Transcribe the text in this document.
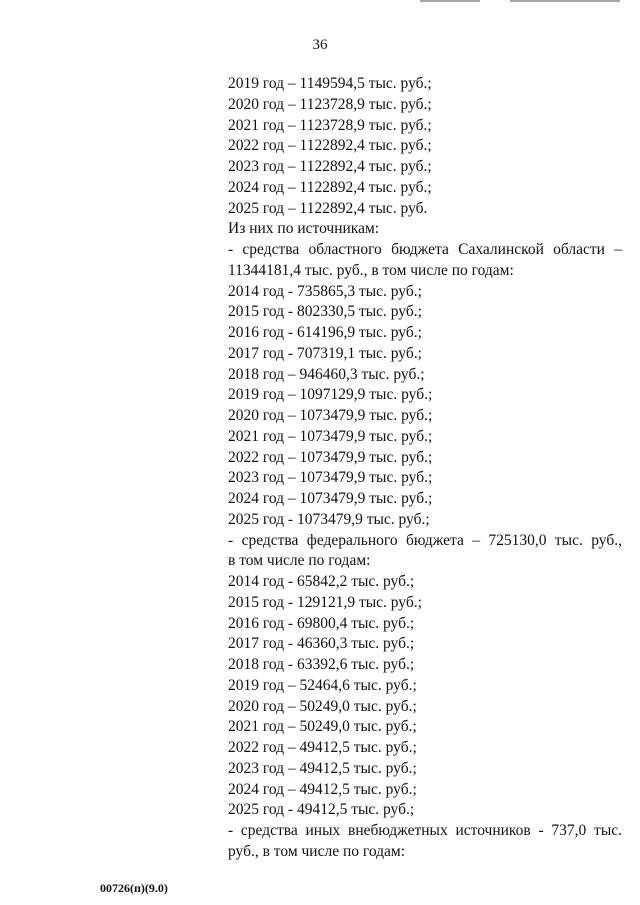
36
2019 год – 1149594,5 тыс. руб.;
2020 год – 1123728,9 тыс. руб.;
2021 год – 1123728,9 тыс. руб.;
2022 год – 1122892,4 тыс. руб.;
2023 год – 1122892,4 тыс. руб.;
2024 год – 1122892,4 тыс. руб.;
2025 год – 1122892,4 тыс. руб.
Из них по источникам:
- средства областного бюджета Сахалинской области –
11344181,4 тыс. руб., в том числе по годам:
2014 год - 735865,3 тыс. руб.;
2015 год - 802330,5 тыс. руб.;
2016 год - 614196,9 тыс. руб.;
2017 год - 707319,1 тыс. руб.;
2018 год – 946460,3 тыс. руб.;
2019 год – 1097129,9 тыс. руб.;
2020 год – 1073479,9 тыс. руб.;
2021 год – 1073479,9 тыс. руб.;
2022 год – 1073479,9 тыс. руб.;
2023 год – 1073479,9 тыс. руб.;
2024 год – 1073479,9 тыс. руб.;
2025 год - 1073479,9 тыс. руб.;
- средства федерального бюджета – 725130,0 тыс. руб.,
в том числе по годам:
2014 год - 65842,2 тыс. руб.;
2015 год - 129121,9 тыс. руб.;
2016 год - 69800,4 тыс. руб.;
2017 год - 46360,3 тыс. руб.;
2018 год - 63392,6 тыс. руб.;
2019 год – 52464,6 тыс. руб.;
2020 год – 50249,0 тыс. руб.;
2021 год – 50249,0 тыс. руб.;
2022 год – 49412,5 тыс. руб.;
2023 год – 49412,5 тыс. руб.;
2024 год – 49412,5 тыс. руб.;
2025 год - 49412,5 тыс. руб.;
- средства иных внебюджетных источников - 737,0 тыс.
руб., в том числе по годам:
00726(п)(9.0)
